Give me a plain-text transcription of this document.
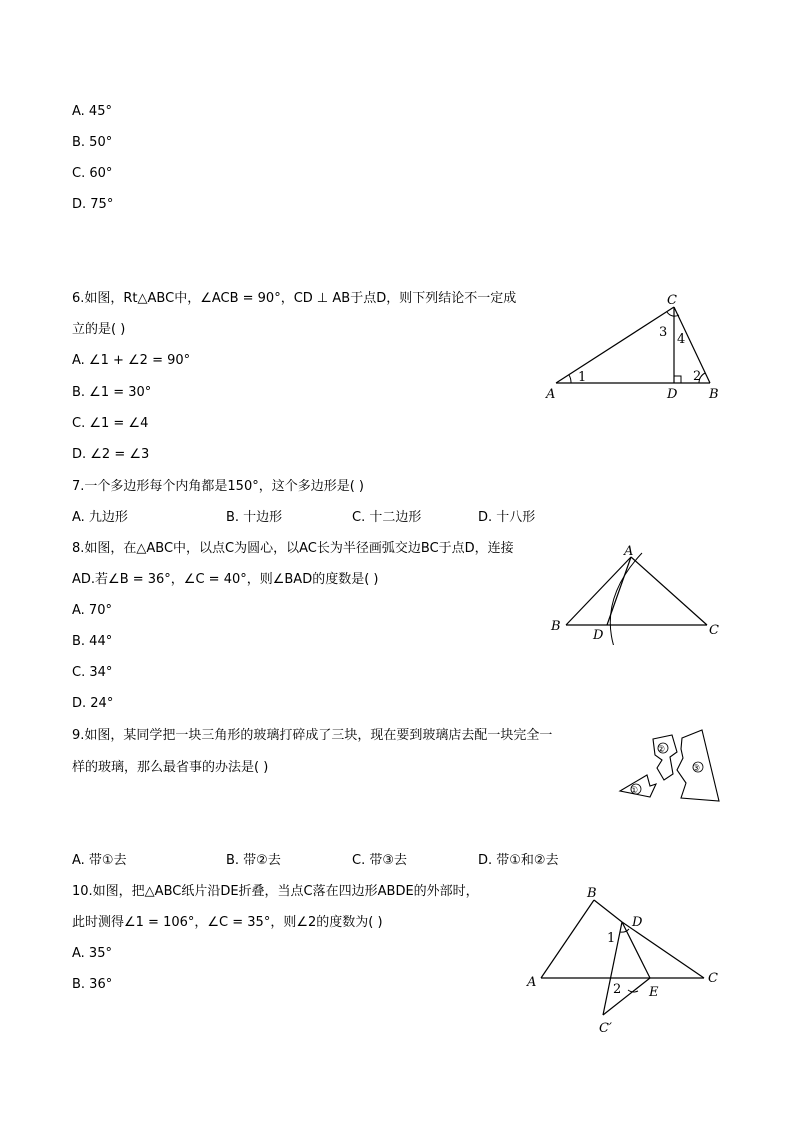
A. 45°
B. 50°
C. 60°
D. 75°
6.如图，Rt△ABC中，∠ACB = 90°，CD ⊥ AB于点D，则下列结论不一定成
立的是( )
A. ∠1 + ∠2 = 90°
B. ∠1 = 30°
C. ∠1 = ∠4
D. ∠2 = ∠3
C
A	D B
1	2
3 4
7.一个多边形每个内角都是150°，这个多边形是( )
A. 九边形	B. 十边形	C. 十二边形	D. 十八形
8.如图，在△ABC中，以点C为圆心，以AC长为半径画弧交边BC于点D，连接
AD.若∠B = 36°，∠C = 40°，则∠BAD的度数是( )
A. 70°
B. 44°
C. 34°
D. 24°
A
B
D	C
9.如图，某同学把一块三角形的玻璃打碎成了三块，现在要到玻璃店去配一块完全一
样的玻璃，那么最省事的办法是( )
①
②
③
A. 带①去	B. 带②去	C. 带③去	D. 带①和②去
10.如图，把△ABC纸片沿DE折叠，当点C落在四边形ABDE的外部时，
此时测得∠1 = 106°，∠C = 35°，则∠2的度数为( )
A. 35°
B. 36°
B
D
A	C
E
C′
1
2
